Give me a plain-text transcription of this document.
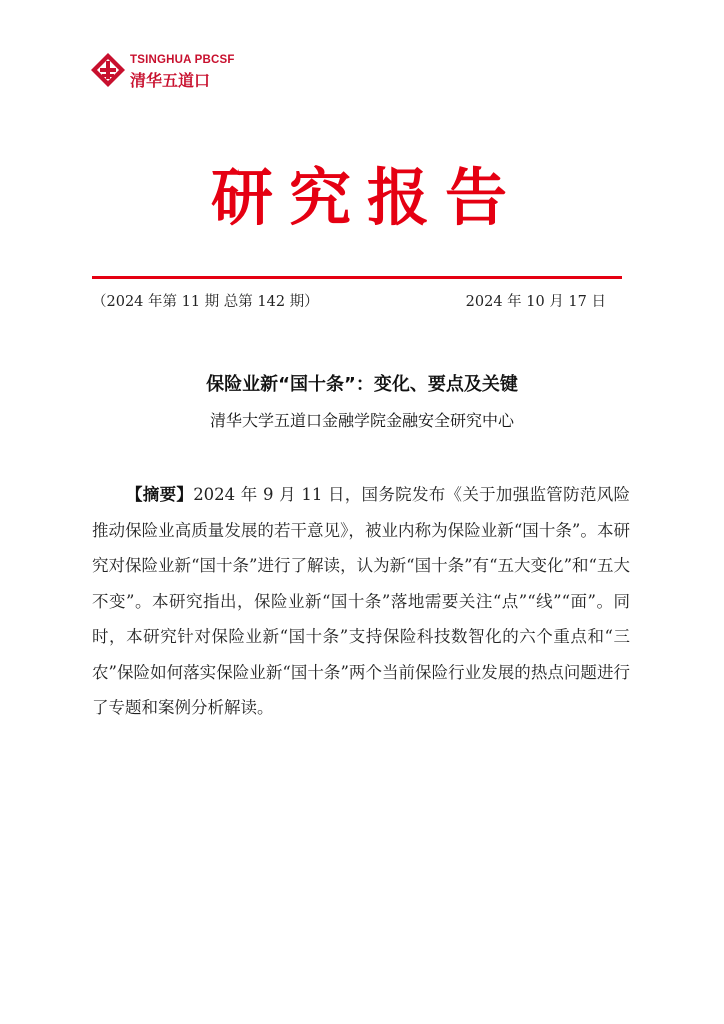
TSINGHUA PBCSF
清华五道口
研究报告
（2024 年第 11 期 总第 142 期）	2024 年 10 月 17 日
保险业新“国十条”：变化、要点及关键
清华大学五道口金融学院金融安全研究中心
【摘要】2024 年 9 月 11 日，国务院发布《关于加强监管防范风险推动保险业高质量发展的若干意见》，被业内称为保险业新“国十条”。本研究对保险业新“国十条”进行了解读，认为新“国十条”有“五大变化”和“五大不变”。本研究指出，保险业新“国十条”落地需要关注“点”“线”“面”。同时，本研究针对保险业新“国十条”支持保险科技数智化的六个重点和“三农”保险如何落实保险业新“国十条”两个当前保险行业发展的热点问题进行了专题和案例分析解读。
